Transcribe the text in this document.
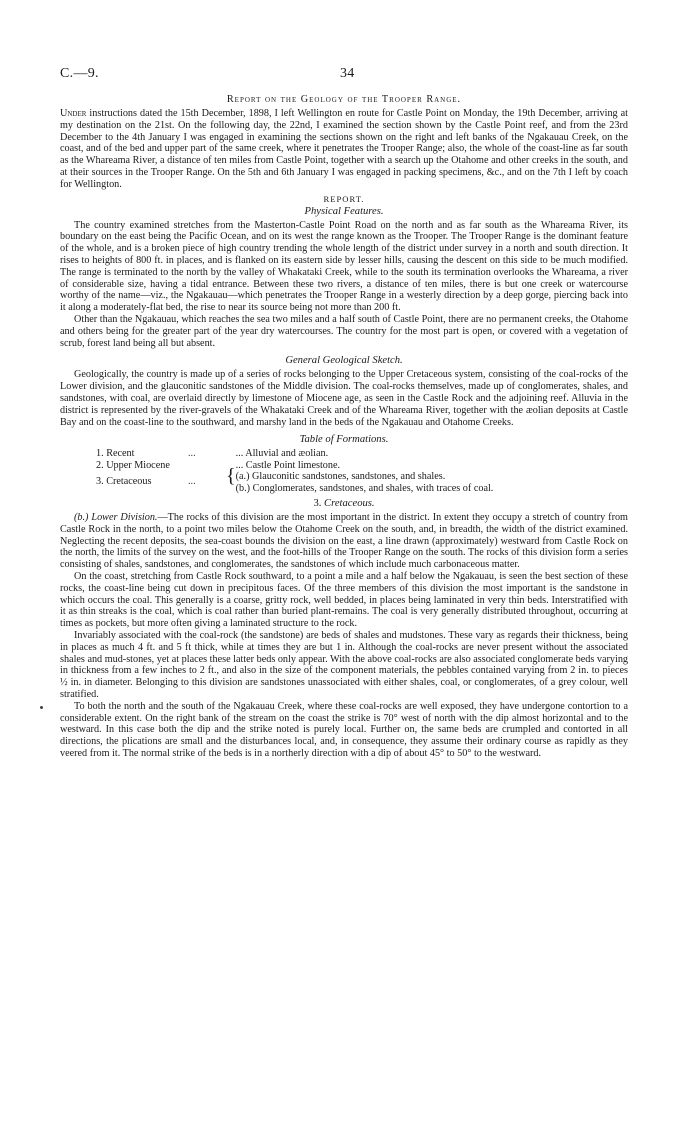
C.—9.	34
Report on the Geology of the Trooper Range.

Under instructions dated the 15th December, 1898, I left Wellington en route for Castle Point on Monday, the 19th December, arriving at my destination on the 21st. On the following day, the 22nd, I examined the section shown by the Castle Point reef, and from the 23rd December to the 4th January I was engaged in examining the sections shown on the right and left banks of the Ngakauau Creek, on the coast, and of the bed and upper part of the same creek, where it penetrates the Trooper Range; also, the whole of the coast-line as far south as the Whareama River, a distance of ten miles from Castle Point, together with a search up the Otahome and other creeks in the south, and at their sources in the Trooper Range. On the 5th and 6th January I was engaged in packing specimens, &c., and on the 7th I left by coach for Wellington.

REPORT.
Physical Features.

The country examined stretches from the Masterton-Castle Point Road on the north and as far south as the Whareama River, its boundary on the east being the Pacific Ocean, and on its west the range known as the Trooper. The Trooper Range is the dominant feature of the whole, and is a broken piece of high country trending the whole length of the district under survey in a north and south direction. It rises to heights of 800 ft. in places, and is flanked on its eastern side by lesser hills, causing the descent on this side to be much modified. The range is terminated to the north by the valley of Whakataki Creek, while to the south its termination overlooks the Whareama, a river of considerable size, having a tidal entrance. Between these two rivers, a distance of ten miles, there is but one creek or watercourse worthy of the name—viz., the Ngakauau—which penetrates the Trooper Range in a westerly direction by a deep gorge, piercing back into it along a moderately-flat bed, the rise to near its source being not more than 200 ft.

Other than the Ngakauau, which reaches the sea two miles and a half south of Castle Point, there are no permanent creeks, the Otahome and others being for the greater part of the year dry watercourses. The country for the most part is open, or covered with a vegetation of scrub, forest land being all but absent.

General Geological Sketch.

Geologically, the country is made up of a series of rocks belonging to the Upper Cretaceous system, consisting of the coal-rocks of the Lower division, and the glauconitic sandstones of the Middle division. The coal-rocks themselves, made up of conglomerates, shales, and sandstones, with coal, are overlaid directly by limestone of Miocene age, as seen in the Castle Rock and the adjoining reef. Alluvia in the district is represented by the river-gravels of the Whakataki Creek and of the Whareama River, together with the æolian deposits at Castle Bay and on the coast-line to the southward, and marshy land in the beds of the Ngakauau and Otahome Creeks.

Table of Formations.
1. Recent	...		... Alluvial and æolian.
2. Upper Miocene			... Castle Point limestone.
3. Cretaceous	...	{	(a.) Glauconitic sandstones, sandstones, and shales.
(b.) Conglomerates, sandstones, and shales, with traces of coal.
3. Cretaceous.

(b.) Lower Division.—The rocks of this division are the most important in the district. In extent they occupy a stretch of country from Castle Rock in the north, to a point two miles below the Otahome Creek on the south, and, in breadth, the width of the district examined. Neglecting the recent deposits, the sea-coast bounds the division on the east, a line drawn (approximately) westward from Castle Rock on the north, the limits of the survey on the west, and the foot-hills of the Trooper Range on the south. The rocks of this division form a series consisting of shales, sandstones, and conglomerates, the sandstones of which include much carbonaceous matter.

On the coast, stretching from Castle Rock southward, to a point a mile and a half below the Ngakauau, is seen the best section of these rocks, the coast-line being cut down in precipitous faces. Of the three members of this division the most important is the sandstone in which occurs the coal. This generally is a coarse, gritty rock, well bedded, in places being laminated in very thin beds. Interstratified with it as thin streaks is the coal, which is coal rather than buried plant-remains. The coal is very generally distributed throughout, occurring at times as pockets, but more often giving a laminated structure to the rock.

Invariably associated with the coal-rock (the sandstone) are beds of shales and mudstones. These vary as regards their thickness, being in places as much 4 ft. and 5 ft thick, while at times they are but 1 in. Although the coal-rocks are never present without the associated shales and mud-stones, yet at places these latter beds only appear. With the above coal-rocks are also associated conglomerate beds varying in thickness from a few inches to 2 ft., and also in the size of the component materials, the pebbles contained varying from 2 in. to pieces ½ in. in diameter. Belonging to this division are sandstones unassociated with either shales, coal, or conglomerates, of a grey colour, well stratified.

To both the north and the south of the Ngakauau Creek, where these coal-rocks are well exposed, they have undergone contortion to a considerable extent. On the right bank of the stream on the coast the strike is 70° west of north with the dip almost horizontal and to the westward. In this case both the dip and the strike noted is purely local. Further on, the same beds are crumpled and contorted in all directions, the plications are small and the disturbances local, and, in consequence, they assume their ordinary course as rapidly as they veered from it. The normal strike of the beds is in a northerly direction with a dip of about 45° to 50° to the westward.
